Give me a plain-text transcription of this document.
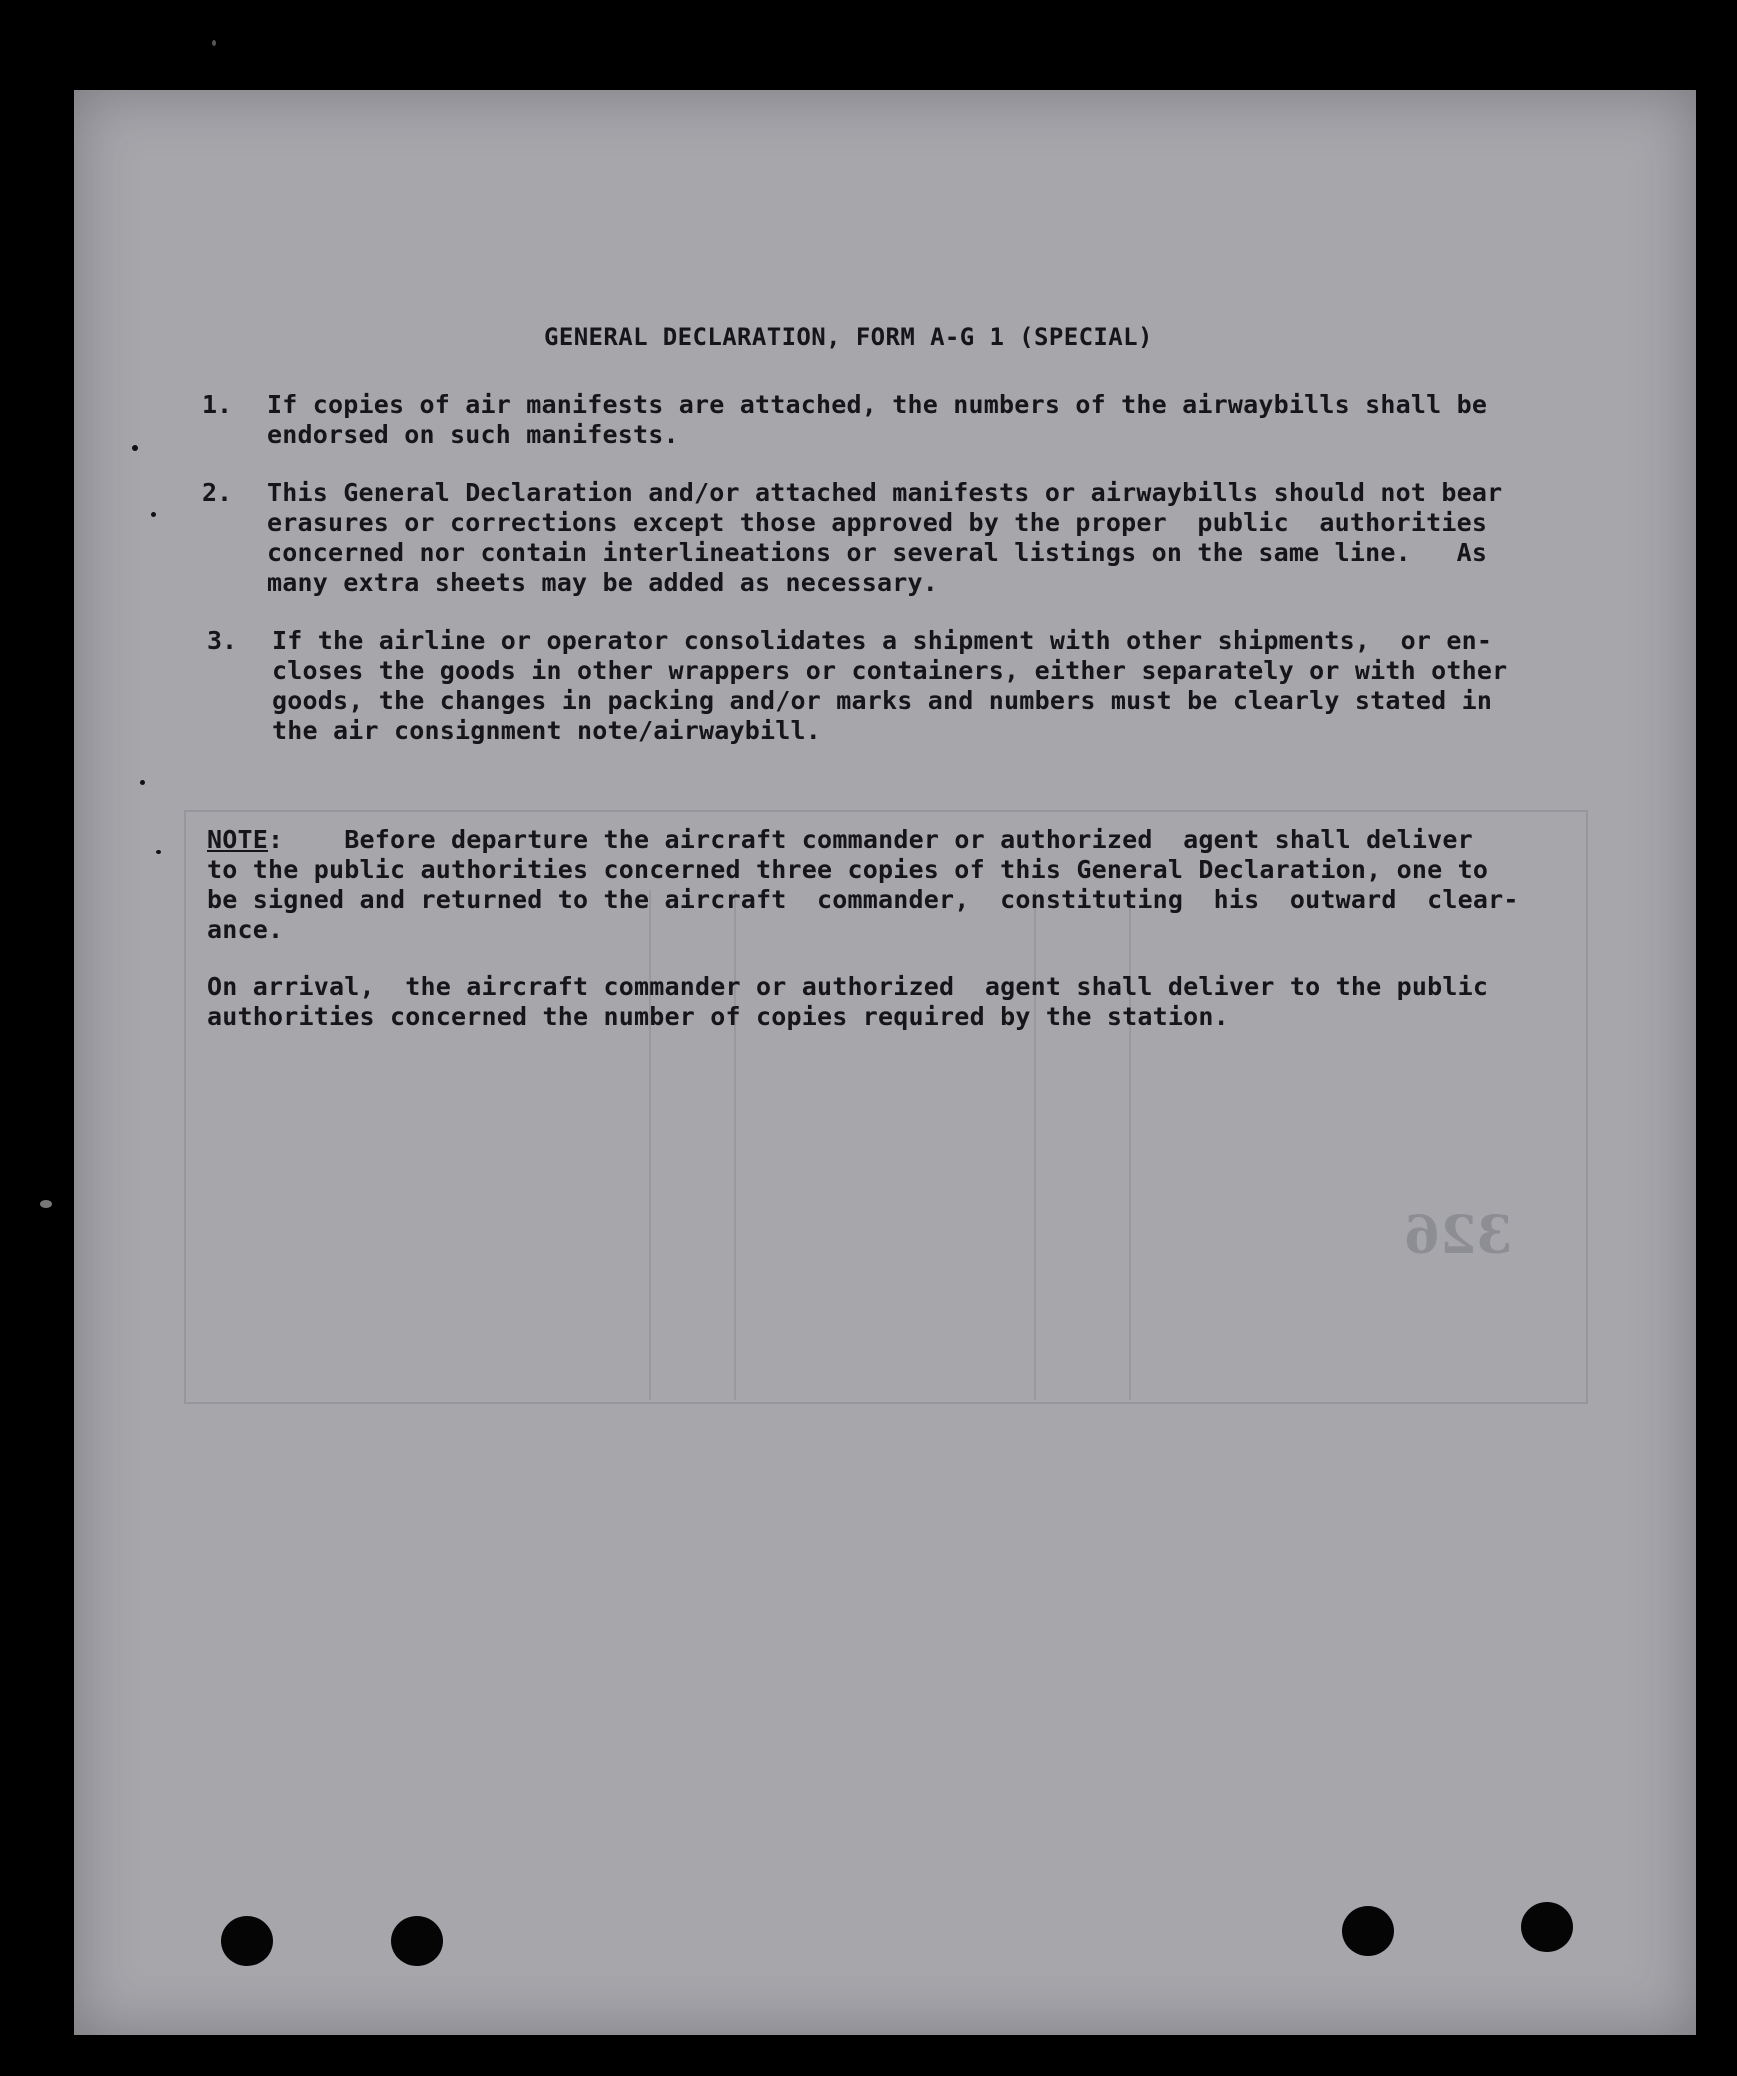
326
GENERAL DECLARATION, FORM A-G 1 (SPECIAL)
1. If copies of air manifests are attached, the numbers of the airwaybills shall be
endorsed on such manifests.
2. This General Declaration and/or attached manifests or airwaybills should not bear
erasures or corrections except those approved by the proper  public  authorities
concerned nor contain interlineations or several listings on the same line.   As
many extra sheets may be added as necessary.
3. If the airline or operator consolidates a shipment with other shipments,  or en-
closes the goods in other wrappers or containers, either separately or with other
goods, the changes in packing and/or marks and numbers must be clearly stated in
the air consignment note/airwaybill.
NOTE:    Before departure the aircraft commander or authorized  agent shall deliver
to the public authorities concerned three copies of this General Declaration, one to
be signed and returned to the aircraft  commander,  constituting  his  outward  clear-
ance.
On arrival,  the aircraft commander or authorized  agent shall deliver to the public
authorities concerned the number of copies required by the station.
